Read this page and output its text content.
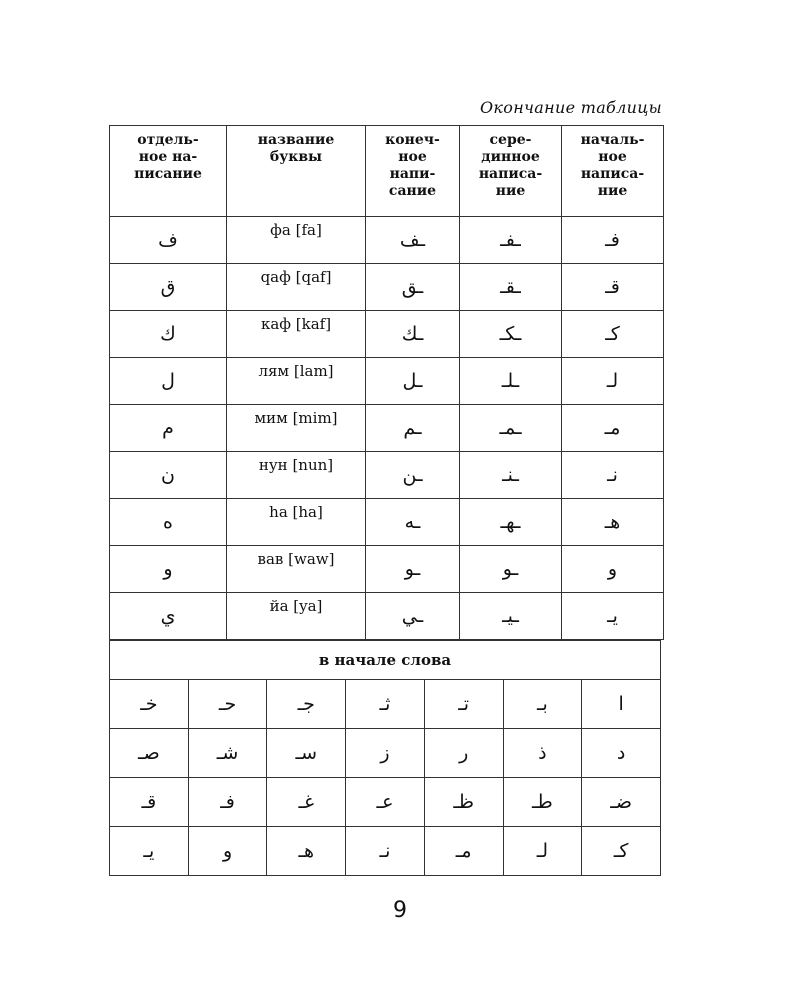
Окончание таблицы
отдель-
ное на-
писание	название
буквы	конеч-
ное
напи-
сание	сере-
динное
написа-
ние	началь-
ное
написа-
ние
ف	фа [fa]	ـف	ـفـ	فـ
ق	qаф [qaf]	ـق	ـقـ	قـ
ك	каф [kaf]	ـك	ـكـ	كـ
ل	лям [lam]	ـل	ـلـ	لـ
م	мим [mim]	ـم	ـمـ	مـ
ن	нун [nun]	ـن	ـنـ	نـ
ه	ha [ha]	ـه	ـهـ	هـ
و	вав [waw]	ـو	ـو	و
ي	йа [ya]	ـي	ـيـ	يـ
в начале слова						
خـ	حـ	جـ	ثـ	تـ	بـ	ا
صـ	شـ	سـ	ز	ر	ذ	د
قـ	فـ	غـ	عـ	ظـ	طـ	ضـ
يـ	و	هـ	نـ	مـ	لـ	كـ
9
